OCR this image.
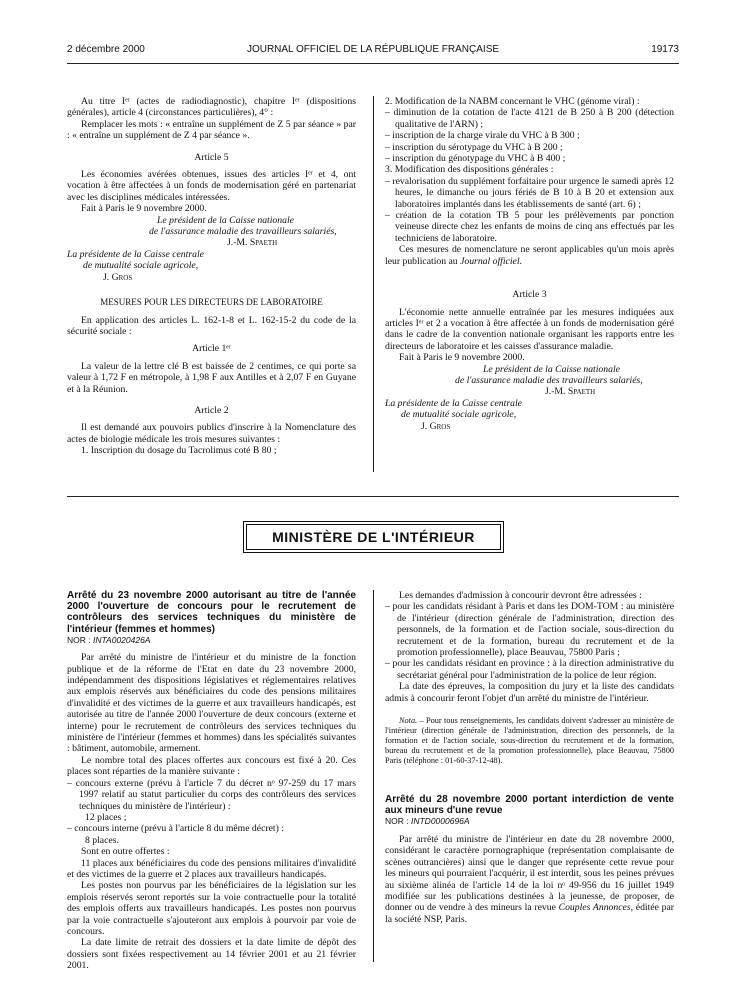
2 décembre 2000	JOURNAL OFFICIEL DE LA RÉPUBLIQUE FRANÇAISE	19173

Au titre Iᵉʳ (actes de radiodiagnostic), chapitre Iᵉʳ (dispositions générales), article 4 (circonstances particulières), 4° :

Remplacer les mots : « entraîne un supplément de Z 5 par séance » par : « entraîne un supplément de Z 4 par séance ».

Article 5

Les économies avérées obtenues, issues des articles Iᵉʳ et 4, ont vocation à être affectées à un fonds de modernisation géré en partenariat avec les disciplines médicales intéressées.

Fait à Paris le 9 novembre 2000.

Le président de la Caisse nationale

de l'assurance maladie des travailleurs salariés,

J.-M. Spaeth

La présidente de la Caisse centrale

de mutualité sociale agricole,

J. Gros

MESURES POUR LES DIRECTEURS DE LABORATOIRE

En application des articles L. 162-1-8 et L. 162-15-2 du code de la sécurité sociale :

Article 1ᵉʳ

La valeur de la lettre clé B est baissée de 2 centimes, ce qui porte sa valeur à 1,72 F en métropole, à 1,98 F aux Antilles et à 2,07 F en Guyane et à la Réunion.

Article 2

Il est demandé aux pouvoirs publics d'inscrire à la Nomenclature des actes de biologie médicale les trois mesures suivantes :

1. Inscription du dosage du Tacrolimus coté B 80 ;

2. Modification de la NABM concernant le VHC (génome viral) :

– diminution de la cotation de l'acte 4121 de B 250 à B 200 (détection qualitative de l'ARN) ;

– inscription de la charge virale du VHC à B 300 ;

– inscription du sérotypage du VHC à B 200 ;

– inscription du génotypage du VHC à B 400 ;

3. Modification des dispositions générales :

– revalorisation du supplément forfaitaire pour urgence le samedi après 12 heures, le dimanche ou jours fériés de B 10 à B 20 et extension aux laboratoires implantés dans les établissements de santé (art. 6) ;

– création de la cotation TB 5 pour les prélèvements par ponction veineuse directe chez les enfants de moins de cinq ans effectués par les techniciens de laboratoire.

Ces mesures de nomenclature ne seront applicables qu'un mois après leur publication au Journal officiel.

Article 3

L'économie nette annuelle entraînée par les mesures indiquées aux articles Iᵉʳ et 2 a vocation à être affectée à un fonds de modernisation géré dans le cadre de la convention nationale organisant les rapports entre les directeurs de laboratoire et les caisses d'assurance maladie.

Fait à Paris le 9 novembre 2000.

Le président de la Caisse nationale

de l'assurance maladie des travailleurs salariés,

J.-M. Spaeth

La présidente de la Caisse centrale

de mutualité sociale agricole,

J. Gros

MINISTÈRE DE L'INTÉRIEUR

Arrêté du 23 novembre 2000 autorisant au titre de l'année 2000 l'ouverture de concours pour le recrutement de contrôleurs des services techniques du ministère de l'intérieur (femmes et hommes)

NOR : INTA0020426A

Par arrêté du ministre de l'intérieur et du ministre de la fonction publique et de la réforme de l'Etat en date du 23 novembre 2000, indépendamment des dispositions législatives et réglementaires relatives aux emplois réservés aux bénéficiaires du code des pensions militaires d'invalidité et des victimes de la guerre et aux travailleurs handicapés, est autorisée au titre de l'année 2000 l'ouverture de deux concours (externe et interne) pour le recrutement de contrôleurs des services techniques du ministère de l'intérieur (femmes et hommes) dans les spécialités suivantes : bâtiment, automobile, armement.

Le nombre total des places offertes aux concours est fixé à 20. Ces places sont réparties de la manière suivante :

– concours externe (prévu à l'article 7 du décret nᵒ 97-259 du 17 mars 1997 relatif au statut particulier du corps des contrôleurs des services techniques du ministère de l'intérieur) :

12 places ;

– concours interne (prévu à l'article 8 du même décret) :

8 places.

Sont en outre offertes :

11 places aux bénéficiaires du code des pensions militaires d'invalidité et des victimes de la guerre et 2 places aux travailleurs handicapés.

Les postes non pourvus par les bénéficiaires de la législation sur les emplois réservés seront reportés sur la voie contractuelle pour la totalité des emplois offerts aux travailleurs handicapés. Les postes non pourvus par la voie contractuelle s'ajouteront aux emplois à pourvoir par voie de concours.

La date limite de retrait des dossiers et la date limite de dépôt des dossiers sont fixées respectivement au 14 février 2001 et au 21 février 2001.

Les demandes d'admission à concourir devront être adressées :

– pour les candidats résidant à Paris et dans les DOM-TOM : au ministère de l'intérieur (direction générale de l'administration, direction des personnels, de la formation et de l'action sociale, sous-direction du recrutement et de la formation, bureau du recrutement et de la promotion professionnelle), place Beauvau, 75800 Paris ;

– pour les candidats résidant en province : à la direction administrative du secrétariat général pour l'administration de la police de leur région.

La date des épreuves, la composition du jury et la liste des candidats admis à concourir feront l'objet d'un arrêté du ministre de l'intérieur.

Nota. – Pour tous renseignements, les candidats doivent s'adresser au ministère de l'intérieur (direction générale de l'administration, direction des personnels, de la formation et de l'action sociale, sous-direction du recrutement et de la formation, bureau du recrutement et de la promotion professionnelle), place Beauvau, 75800 Paris (téléphone : 01-60-37-12-48).

Arrêté du 28 novembre 2000 portant interdiction de vente aux mineurs d'une revue

NOR : INTD0000696A

Par arrêté du ministre de l'intérieur en date du 28 novembre 2000, considérant le caractère pornographique (représentation complaisante de scènes outrancières) ainsi que le danger que représente cette revue pour les mineurs qui pourraient l'acquérir, il est interdit, sous les peines prévues au sixième alinéa de l'article 14 de la loi nᵒ 49-956 du 16 juillet 1949 modifiée sur les publications destinées à la jeunesse, de proposer, de donner ou de vendre à des mineurs la revue Couples Annonces, éditée par la société NSP, Paris.
